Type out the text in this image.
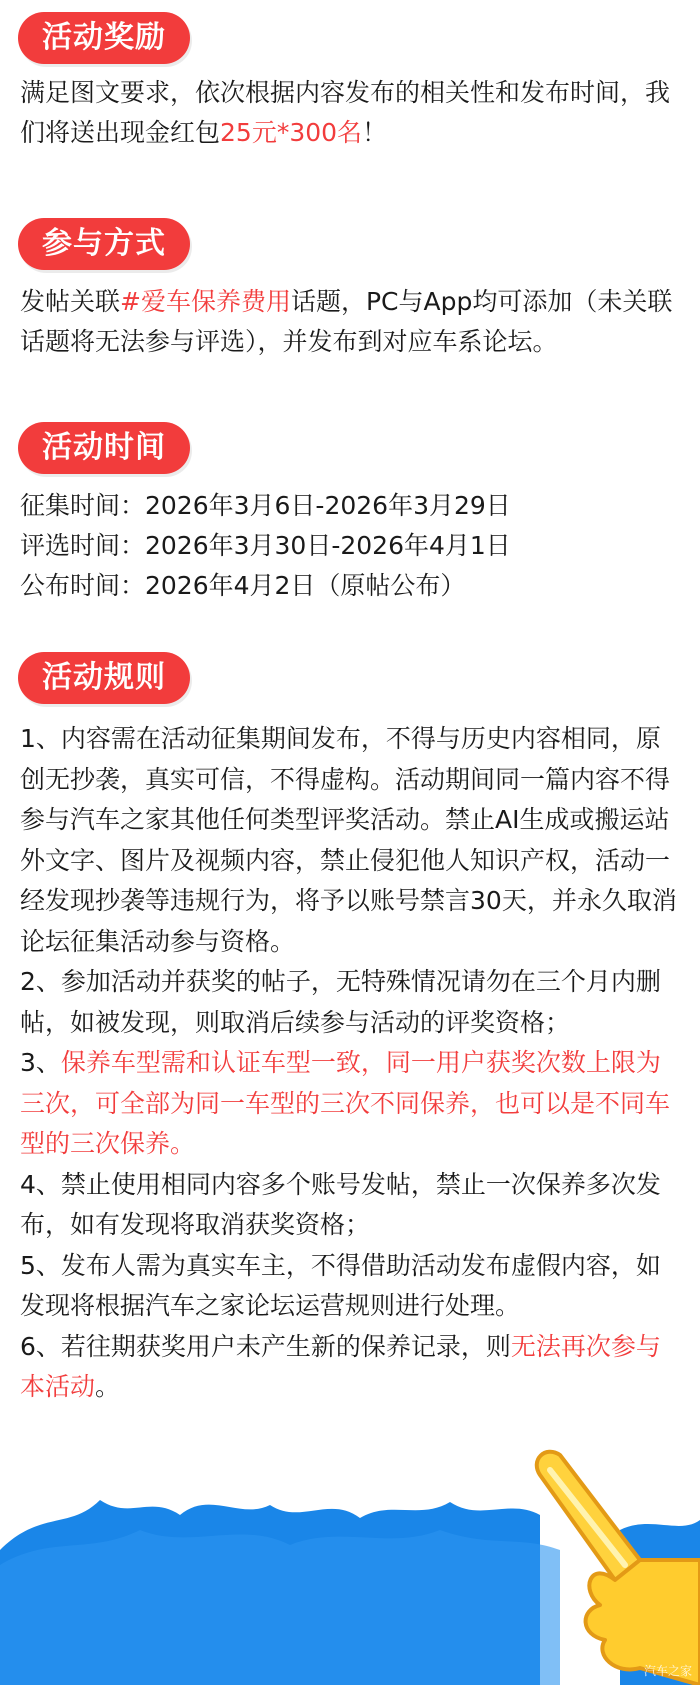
活动奖励

满足图文要求，依次根据内容发布的相关性和发布时间，我们将送出现金红包25元*300名！

参与方式

发帖关联#爱车保养费用话题，PC与App均可添加（未关联话题将无法参与评选），并发布到对应车系论坛。

活动时间
征集时间：2026年3月6日-2026年3月29日
评选时间：2026年3月30日-2026年4月1日
公布时间：2026年4月2日（原帖公布）
活动规则
1、内容需在活动征集期间发布，不得与历史内容相同，原创无抄袭，真实可信，不得虚构。活动期间同一篇内容不得参与汽车之家其他任何类型评奖活动。禁止AI生成或搬运站外文字、图片及视频内容，禁止侵犯他人知识产权，活动一经发现抄袭等违规行为，将予以账号禁言30天，并永久取消论坛征集活动参与资格。
2、参加活动并获奖的帖子，无特殊情况请勿在三个月内删帖，如被发现，则取消后续参与活动的评奖资格；
3、保养车型需和认证车型一致，同一用户获奖次数上限为三次，可全部为同一车型的三次不同保养，也可以是不同车型的三次保养。
4、禁止使用相同内容多个账号发帖，禁止一次保养多次发布，如有发现将取消获奖资格；
5、发布人需为真实车主，不得借助活动发布虚假内容，如发现将根据汽车之家论坛运营规则进行处理。
6、若往期获奖用户未产生新的保养记录，则无法再次参与本活动。
汽车之家
